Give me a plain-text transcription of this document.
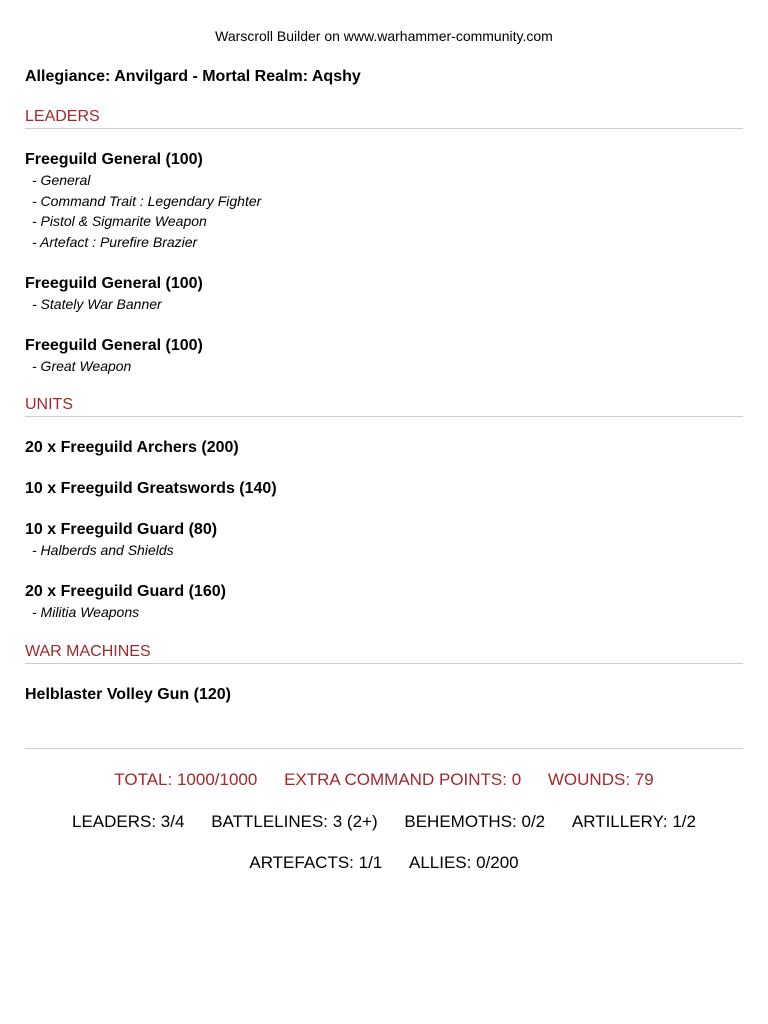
Warscroll Builder on www.warhammer-community.com
Allegiance: Anvilgard - Mortal Realm: Aqshy
LEADERS
Freeguild General (100)
- General
- Command Trait : Legendary Fighter
- Pistol & Sigmarite Weapon
- Artefact : Purefire Brazier
Freeguild General (100)
- Stately War Banner
Freeguild General (100)
- Great Weapon
UNITS
20 x Freeguild Archers (200)
10 x Freeguild Greatswords (140)
10 x Freeguild Guard (80)
- Halberds and Shields
20 x Freeguild Guard (160)
- Militia Weapons
WAR MACHINES
Helblaster Volley Gun (120)
TOTAL: 1000/1000 EXTRA COMMAND POINTS: 0 WOUNDS: 79
LEADERS: 3/4 BATTLELINES: 3 (2+) BEHEMOTHS: 0/2 ARTILLERY: 1/2
ARTEFACTS: 1/1 ALLIES: 0/200
